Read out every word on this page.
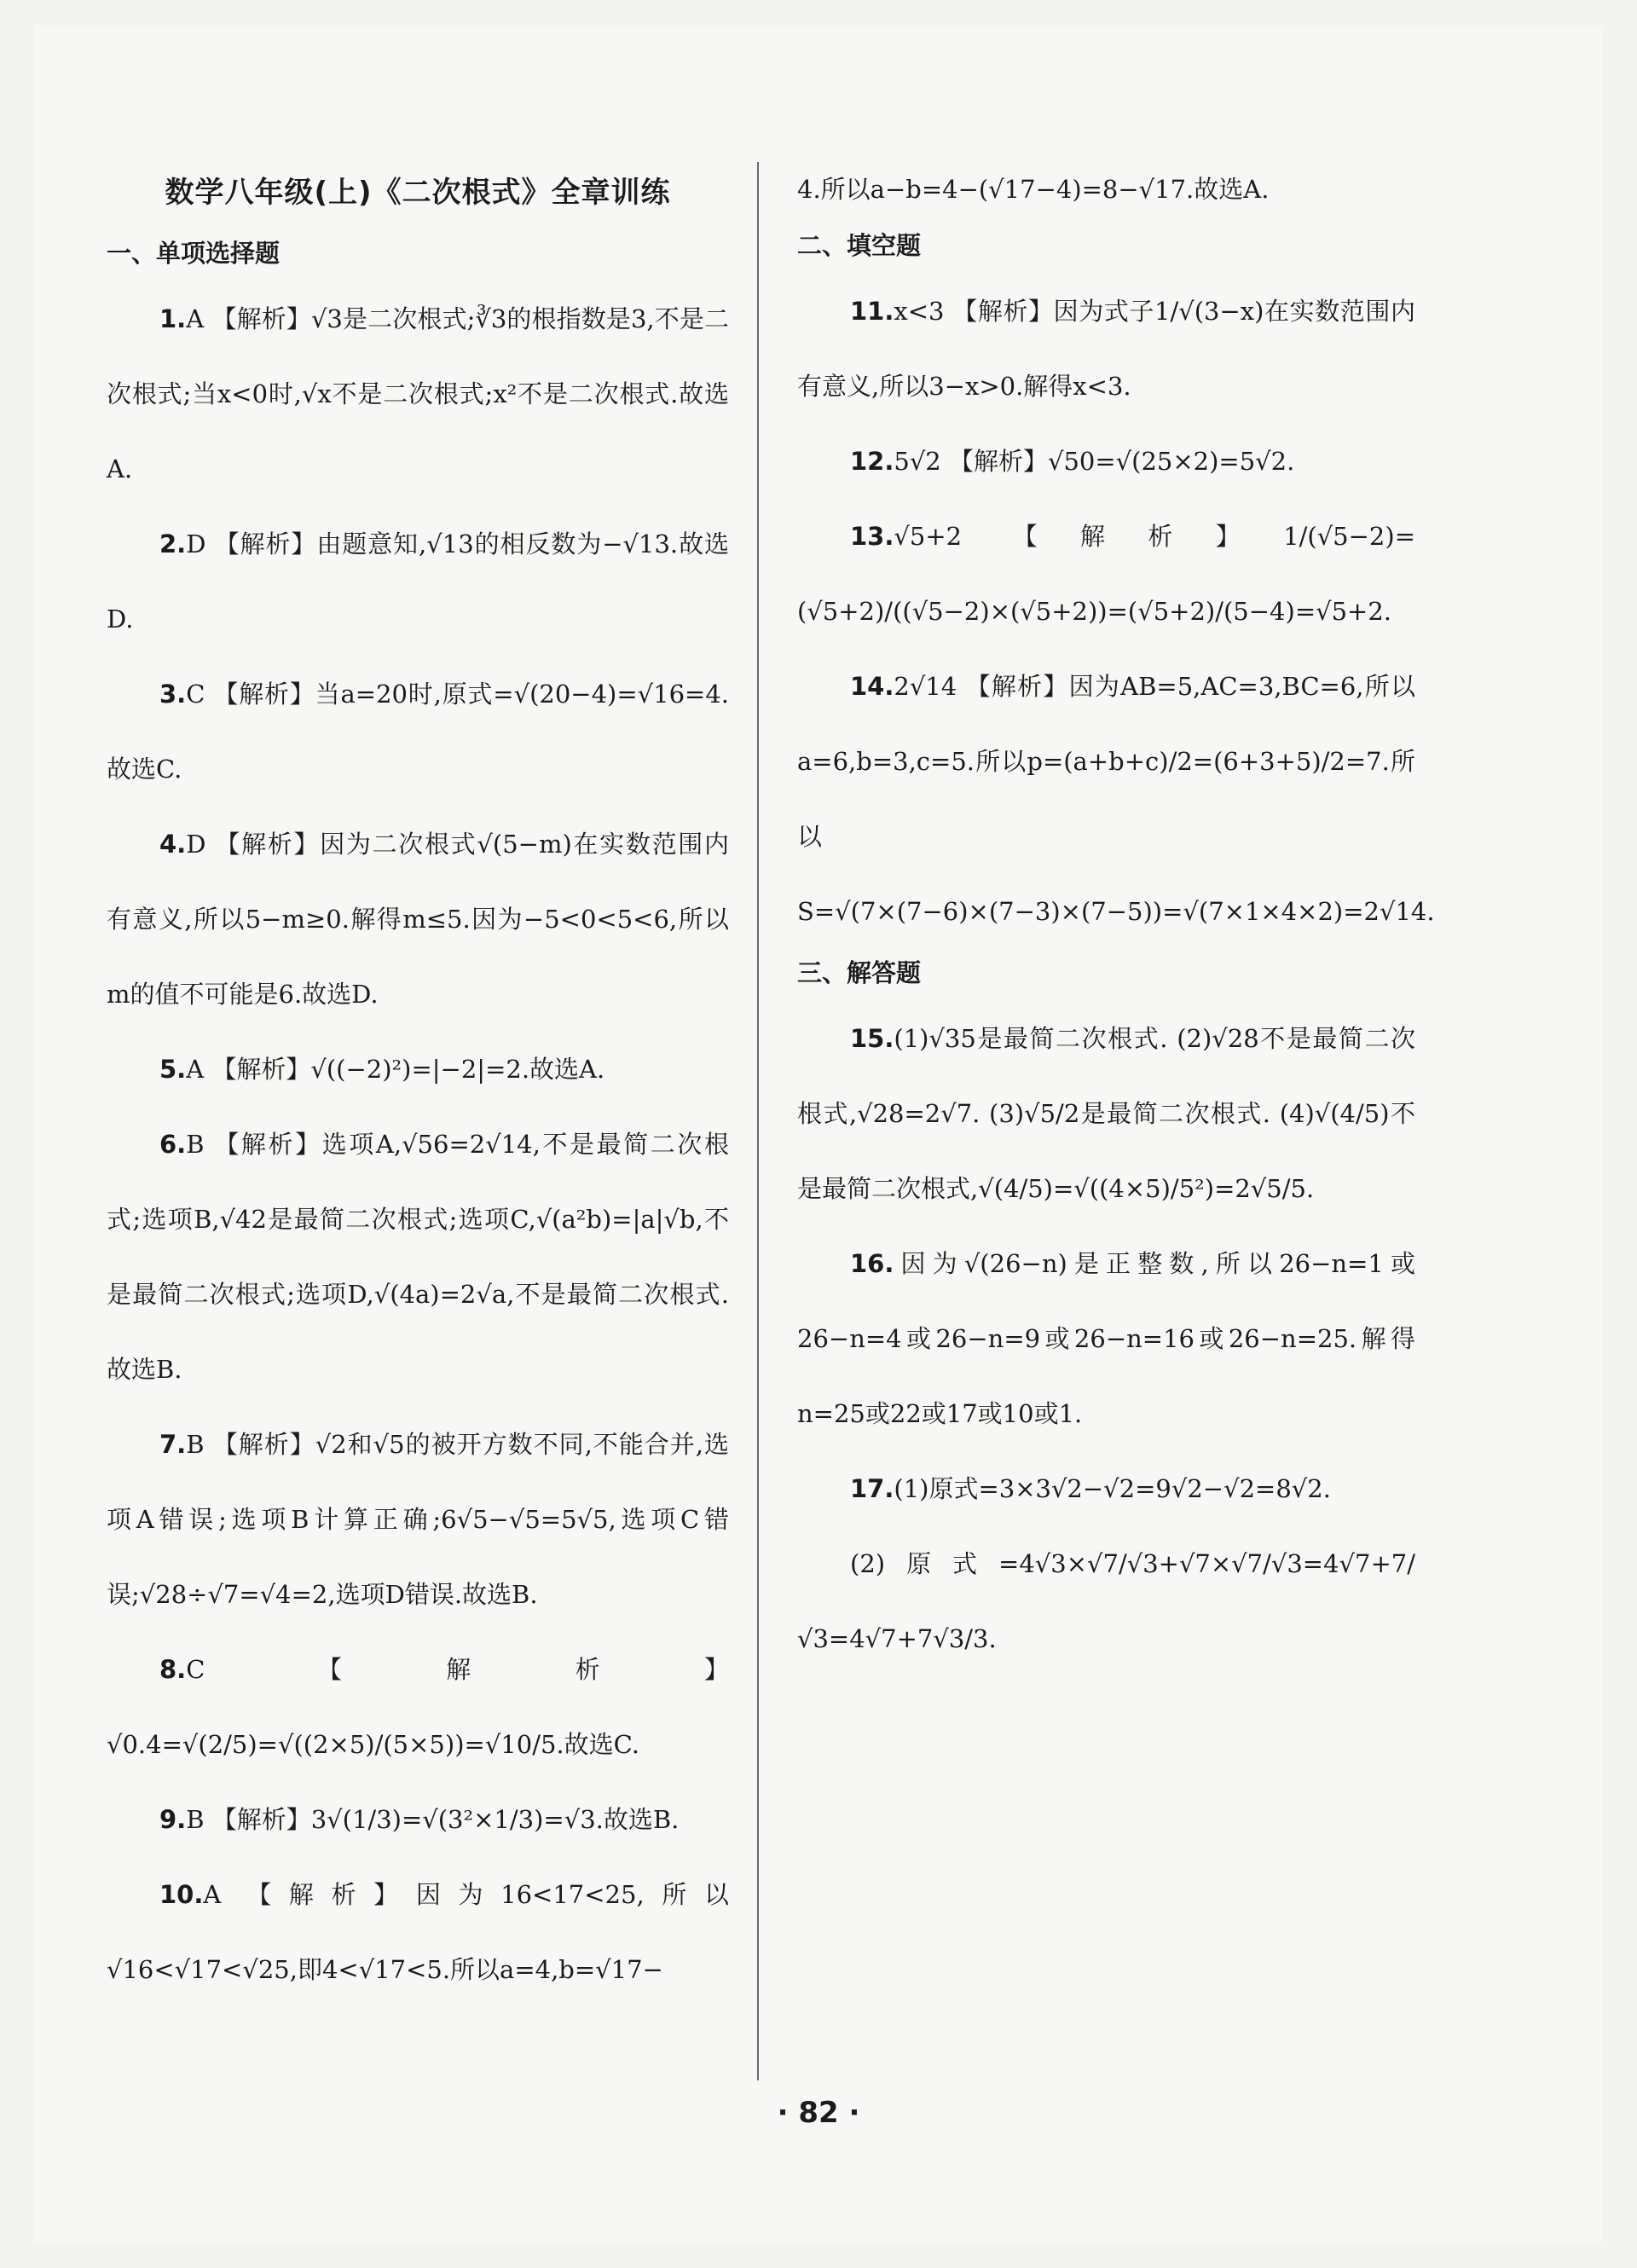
数学八年级(上)《二次根式》全章训练
一、单项选择题

1.A 【解析】√3是二次根式;∛3的根指数是3,不是二次根式;当x<0时,√x不是二次根式;x²不是二次根式.故选A.

2.D 【解析】由题意知,√13的相反数为−√13.故选D.

3.C 【解析】当a=20时,原式=√(20−4)=√16=4.故选C.

4.D 【解析】因为二次根式√(5−m)在实数范围内有意义,所以5−m≥0.解得m≤5.因为−5<0<5<6,所以m的值不可能是6.故选D.

5.A 【解析】√((−2)²)=|−2|=2.故选A.

6.B 【解析】选项A,√56=2√14,不是最简二次根式;选项B,√42是最简二次根式;选项C,√(a²b)=|a|√b,不是最简二次根式;选项D,√(4a)=2√a,不是最简二次根式.故选B.

7.B 【解析】√2和√5的被开方数不同,不能合并,选项A错误;选项B计算正确;6√5−√5=5√5,选项C错误;√28÷√7=√4=2,选项D错误.故选B.

8.C 【解析】√0.4=√(2/5)=√((2×5)/(5×5))=√10/5.故选C.

9.B 【解析】3√(1/3)=√(3²×1/3)=√3.故选B.

10.A 【解析】因为16<17<25,所以√16<√17<√25,即4<√17<5.所以a=4,b=√17−

4.所以a−b=4−(√17−4)=8−√17.故选A.

二、填空题

11.x<3 【解析】因为式子1/√(3−x)在实数范围内有意义,所以3−x>0.解得x<3.

12.5√2 【解析】√50=√(25×2)=5√2.

13.√5+2 【解析】1/(√5−2)=(√5+2)/((√5−2)×(√5+2))=(√5+2)/(5−4)=√5+2.

14.2√14 【解析】因为AB=5,AC=3,BC=6,所以a=6,b=3,c=5.所以p=(a+b+c)/2=(6+3+5)/2=7.所以S=√(7×(7−6)×(7−3)×(7−5))=√(7×1×4×2)=2√14.

三、解答题

15.(1)√35是最简二次根式. (2)√28不是最简二次根式,√28=2√7. (3)√5/2是最简二次根式. (4)√(4/5)不是最简二次根式,√(4/5)=√((4×5)/5²)=2√5/5.

16.因为√(26−n)是正整数,所以26−n=1或26−n=4或26−n=9或26−n=16或26−n=25.解得n=25或22或17或10或1.

17.(1)原式=3×3√2−√2=9√2−√2=8√2.

(2)原式=4√3×√7/√3+√7×√7/√3=4√7+7/√3=4√7+7√3/3.

· 82 ·
